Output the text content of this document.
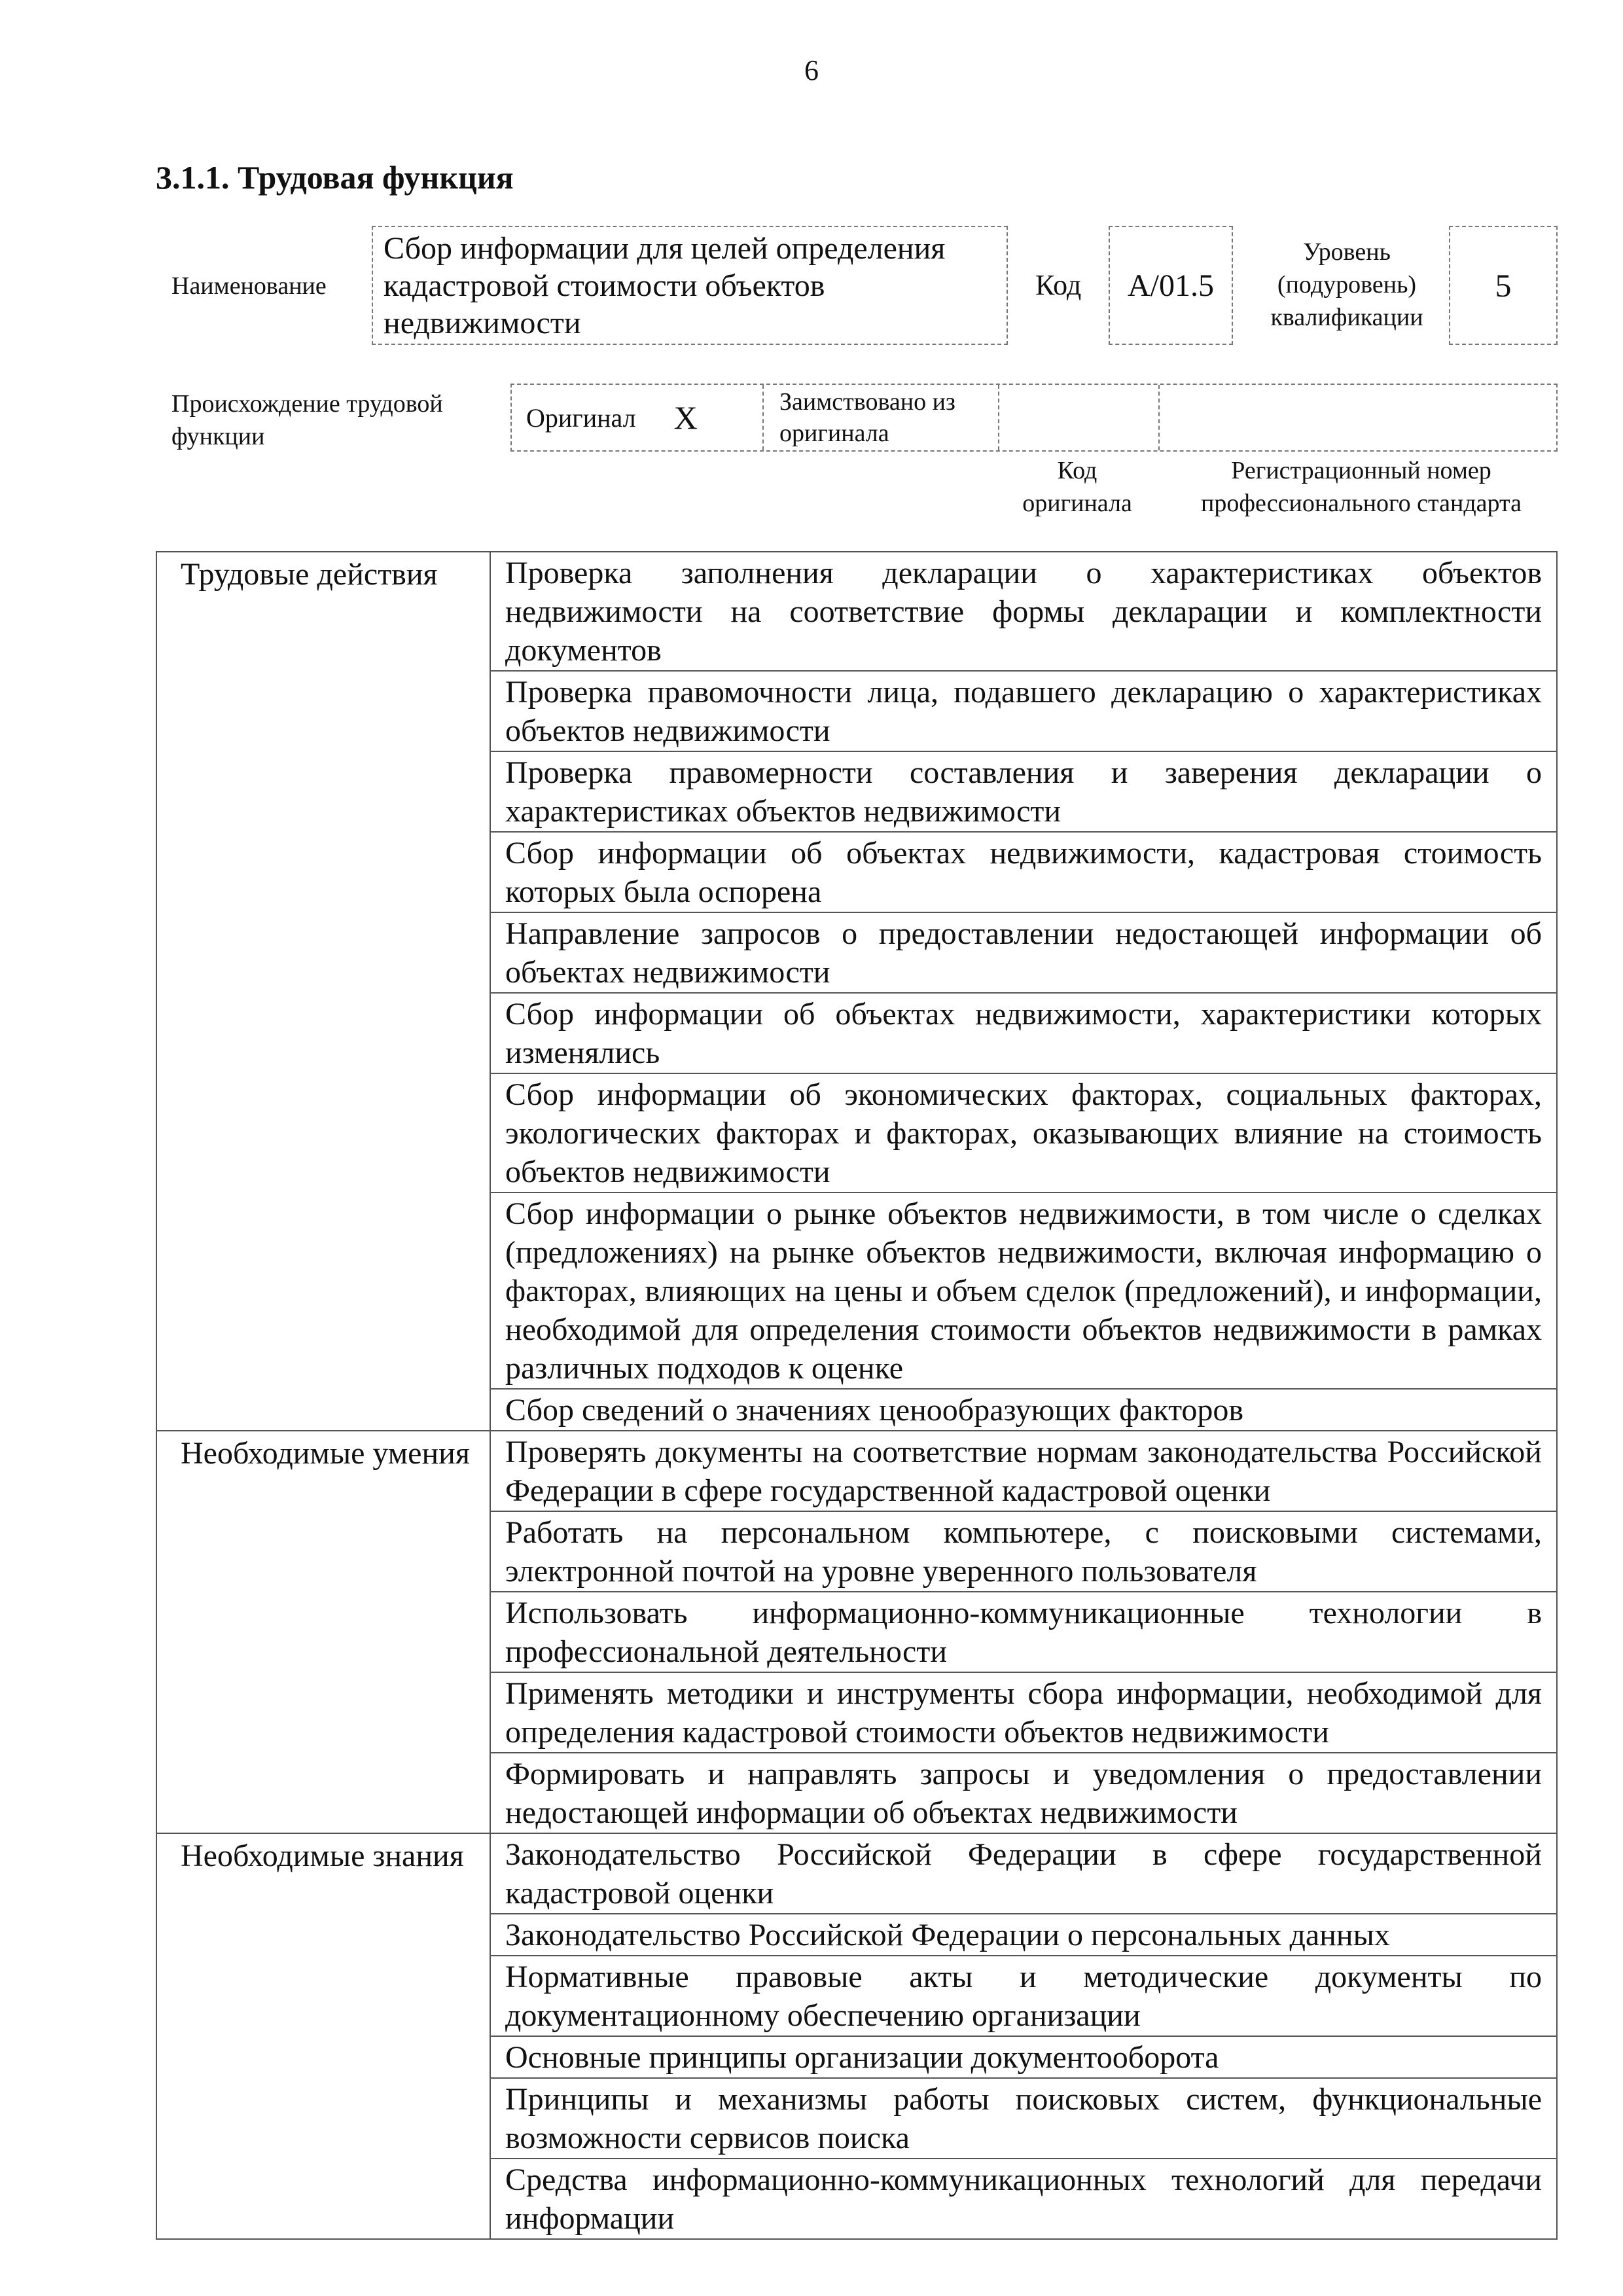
6
3.1.1. Трудовая функция
Наименование
Сбор информации для целей определения кадастровой стоимости объектов недвижимости
Код	A/01.5
Уровень (подуровень) квалификации
5
Происхождение трудовой функции
Оригинал X	Заимствовано из оригинала
Код оригинала
Регистрационный номер профессионального стандарта
Трудовые действия	Проверка заполнения декларации о характеристиках объектов недвижимости на соответствие формы декларации и комплектности документов
	Проверка правомочности лица, подавшего декларацию о характеристиках объектов недвижимости
	Проверка правомерности составления и заверения декларации о характеристиках объектов недвижимости
	Сбор информации об объектах недвижимости, кадастровая стоимость которых была оспорена
	Направление запросов о предоставлении недостающей информации об объектах недвижимости
	Сбор информации об объектах недвижимости, характеристики которых изменялись
	Сбор информации об экономических факторах, социальных факторах, экологических факторах и факторах, оказывающих влияние на стоимость объектов недвижимости
	Сбор информации о рынке объектов недвижимости, в том числе о сделках (предложениях) на рынке объектов недвижимости, включая информацию о факторах, влияющих на цены и объем сделок (предложений), и информации, необходимой для определения стоимости объектов недвижимости в рамках различных подходов к оценке
	Сбор сведений о значениях ценообразующих факторов
Необходимые умения	Проверять документы на соответствие нормам законодательства Российской Федерации в сфере государственной кадастровой оценки
	Работать на персональном компьютере, с поисковыми системами, электронной почтой на уровне уверенного пользователя
	Использовать информационно-коммуникационные технологии в профессиональной деятельности
	Применять методики и инструменты сбора информации, необходимой для определения кадастровой стоимости объектов недвижимости
	Формировать и направлять запросы и уведомления о предоставлении недостающей информации об объектах недвижимости
Необходимые знания	Законодательство Российской Федерации в сфере государственной кадастровой оценки
	Законодательство Российской Федерации о персональных данных
	Нормативные правовые акты и методические документы по документационному обеспечению организации
	Основные принципы организации документооборота
	Принципы и механизмы работы поисковых систем, функциональные возможности сервисов поиска
	Средства информационно-коммуникационных технологий для передачи информации
